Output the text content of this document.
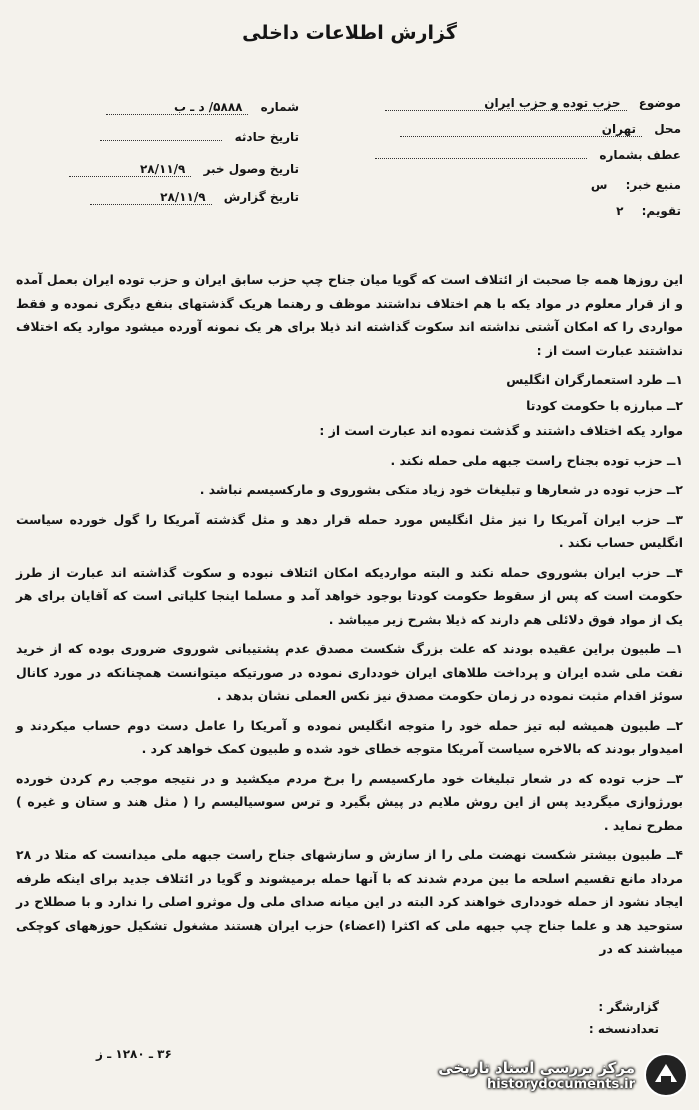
گزارش اطلاعات داخلی
موضوع حزب توده و حزب ایران
محل تهران
عطف بشماره
منبع خبر: س
تقویم: ۲
شماره ۵۸۸۸/ د ـ ب
تاریخ حادثه
تاریخ وصول خبر ۲۸/۱۱/۹
تاریخ گزارش ۲۸/۱۱/۹

این روزها همه جا صحبت از ائتلاف است که گویا میان جناح چپ حزب سابق ایران و حزب توده ایران بعمل آمده و از قرار معلوم در مواد یکه با هم اختلاف نداشتند موظف و رهنما هریک گذشتهای بنفع دیگری نموده و فقط مواردی را که امکان آشتی نداشته اند سکوت گذاشته اند ذیلا برای هر یک نمونه آورده میشود موارد یکه اختلاف نداشتند عبارت است از :

۱ــ طرد استعمارگران انگلیس

۲ــ مبارزه با حکومت کودتا

موارد یکه اختلاف داشتند و گذشت نموده اند عبارت است از :

۱ــ حزب توده بجناح راست جبهه ملی حمله نکند .

۲ــ حزب توده در شعارها و تبلیغات خود زیاد متکی بشوروی و مارکسیسم نباشد .

۳ــ حزب ایران آمریکا را نیز مثل انگلیس مورد حمله قرار دهد و مثل گذشته آمریکا را گول خورده سیاست انگلیس حساب نکند .

۴ــ حزب ایران بشوروی حمله نکند و البته مواردیکه امکان ائتلاف نبوده و سکوت گذاشته اند عبارت از طرز حکومت است که پس از سقوط حکومت کودتا بوجود خواهد آمد و مسلما اینجا کلیاتی است که آقایان برای هر یک از مواد فوق دلائلی هم دارند که ذیلا بشرح زیر میباشد .

۱ــ طبیون براین عقیده بودند که علت بزرگ شکست مصدق عدم پشتیبانی شوروی ضروری بوده که از خرید نفت ملی شده ایران و پرداخت طلاهای ایران خودداری نموده در صورتیکه میتوانست همچنانکه در مورد کانال سوئز اقدام مثبت نموده در زمان حکومت مصدق نیز نکس العملی نشان بدهد .

۲ــ طبیون همیشه لبه تیز حمله خود را متوجه انگلیس نموده و آمریکا را عامل دست دوم حساب میکردند و امیدوار بودند که بالاخره سیاست آمریکا متوجه خطای خود شده و طبیون کمک خواهد کرد .

۳ــ حزب توده که در شعار تبلیغات خود مارکسیسم را برخ مردم میکشید و در نتیجه موجب رم کردن خورده بورژوازی میگردید پس از این روش ملایم در پیش بگیرد و ترس سوسیالیسم را ( مثل هند و ستان و غیره ) مطرح نماید .

۴ــ طبیون بیشتر شکست نهضت ملی را از سازش و سازشهای جناح راست جبهه ملی میدانست که متلا در ۲۸ مرداد مانع تقسیم اسلحه ما بین مردم شدند که با آنها حمله برمیشوند و گویا در ائتلاف جدید برای اینکه طرفه ایجاد نشود از حمله خودداری خواهند کرد البته در این میانه صدای ملی ول موثرو اصلی را ندارد و با صطلاح در ستوحید هد و علما جناح چپ جبهه ملی که اکثرا (اعضاء) حزب ایران هستند مشغول تشکیل حوزههای کوچکی میباشند که در

گزارشگر :
تعدادنسخه :
۳۶ ـ ۱۲۸۰ ـ ز
مرکز بررسی اسناد تاریخی
historydocuments.ir
